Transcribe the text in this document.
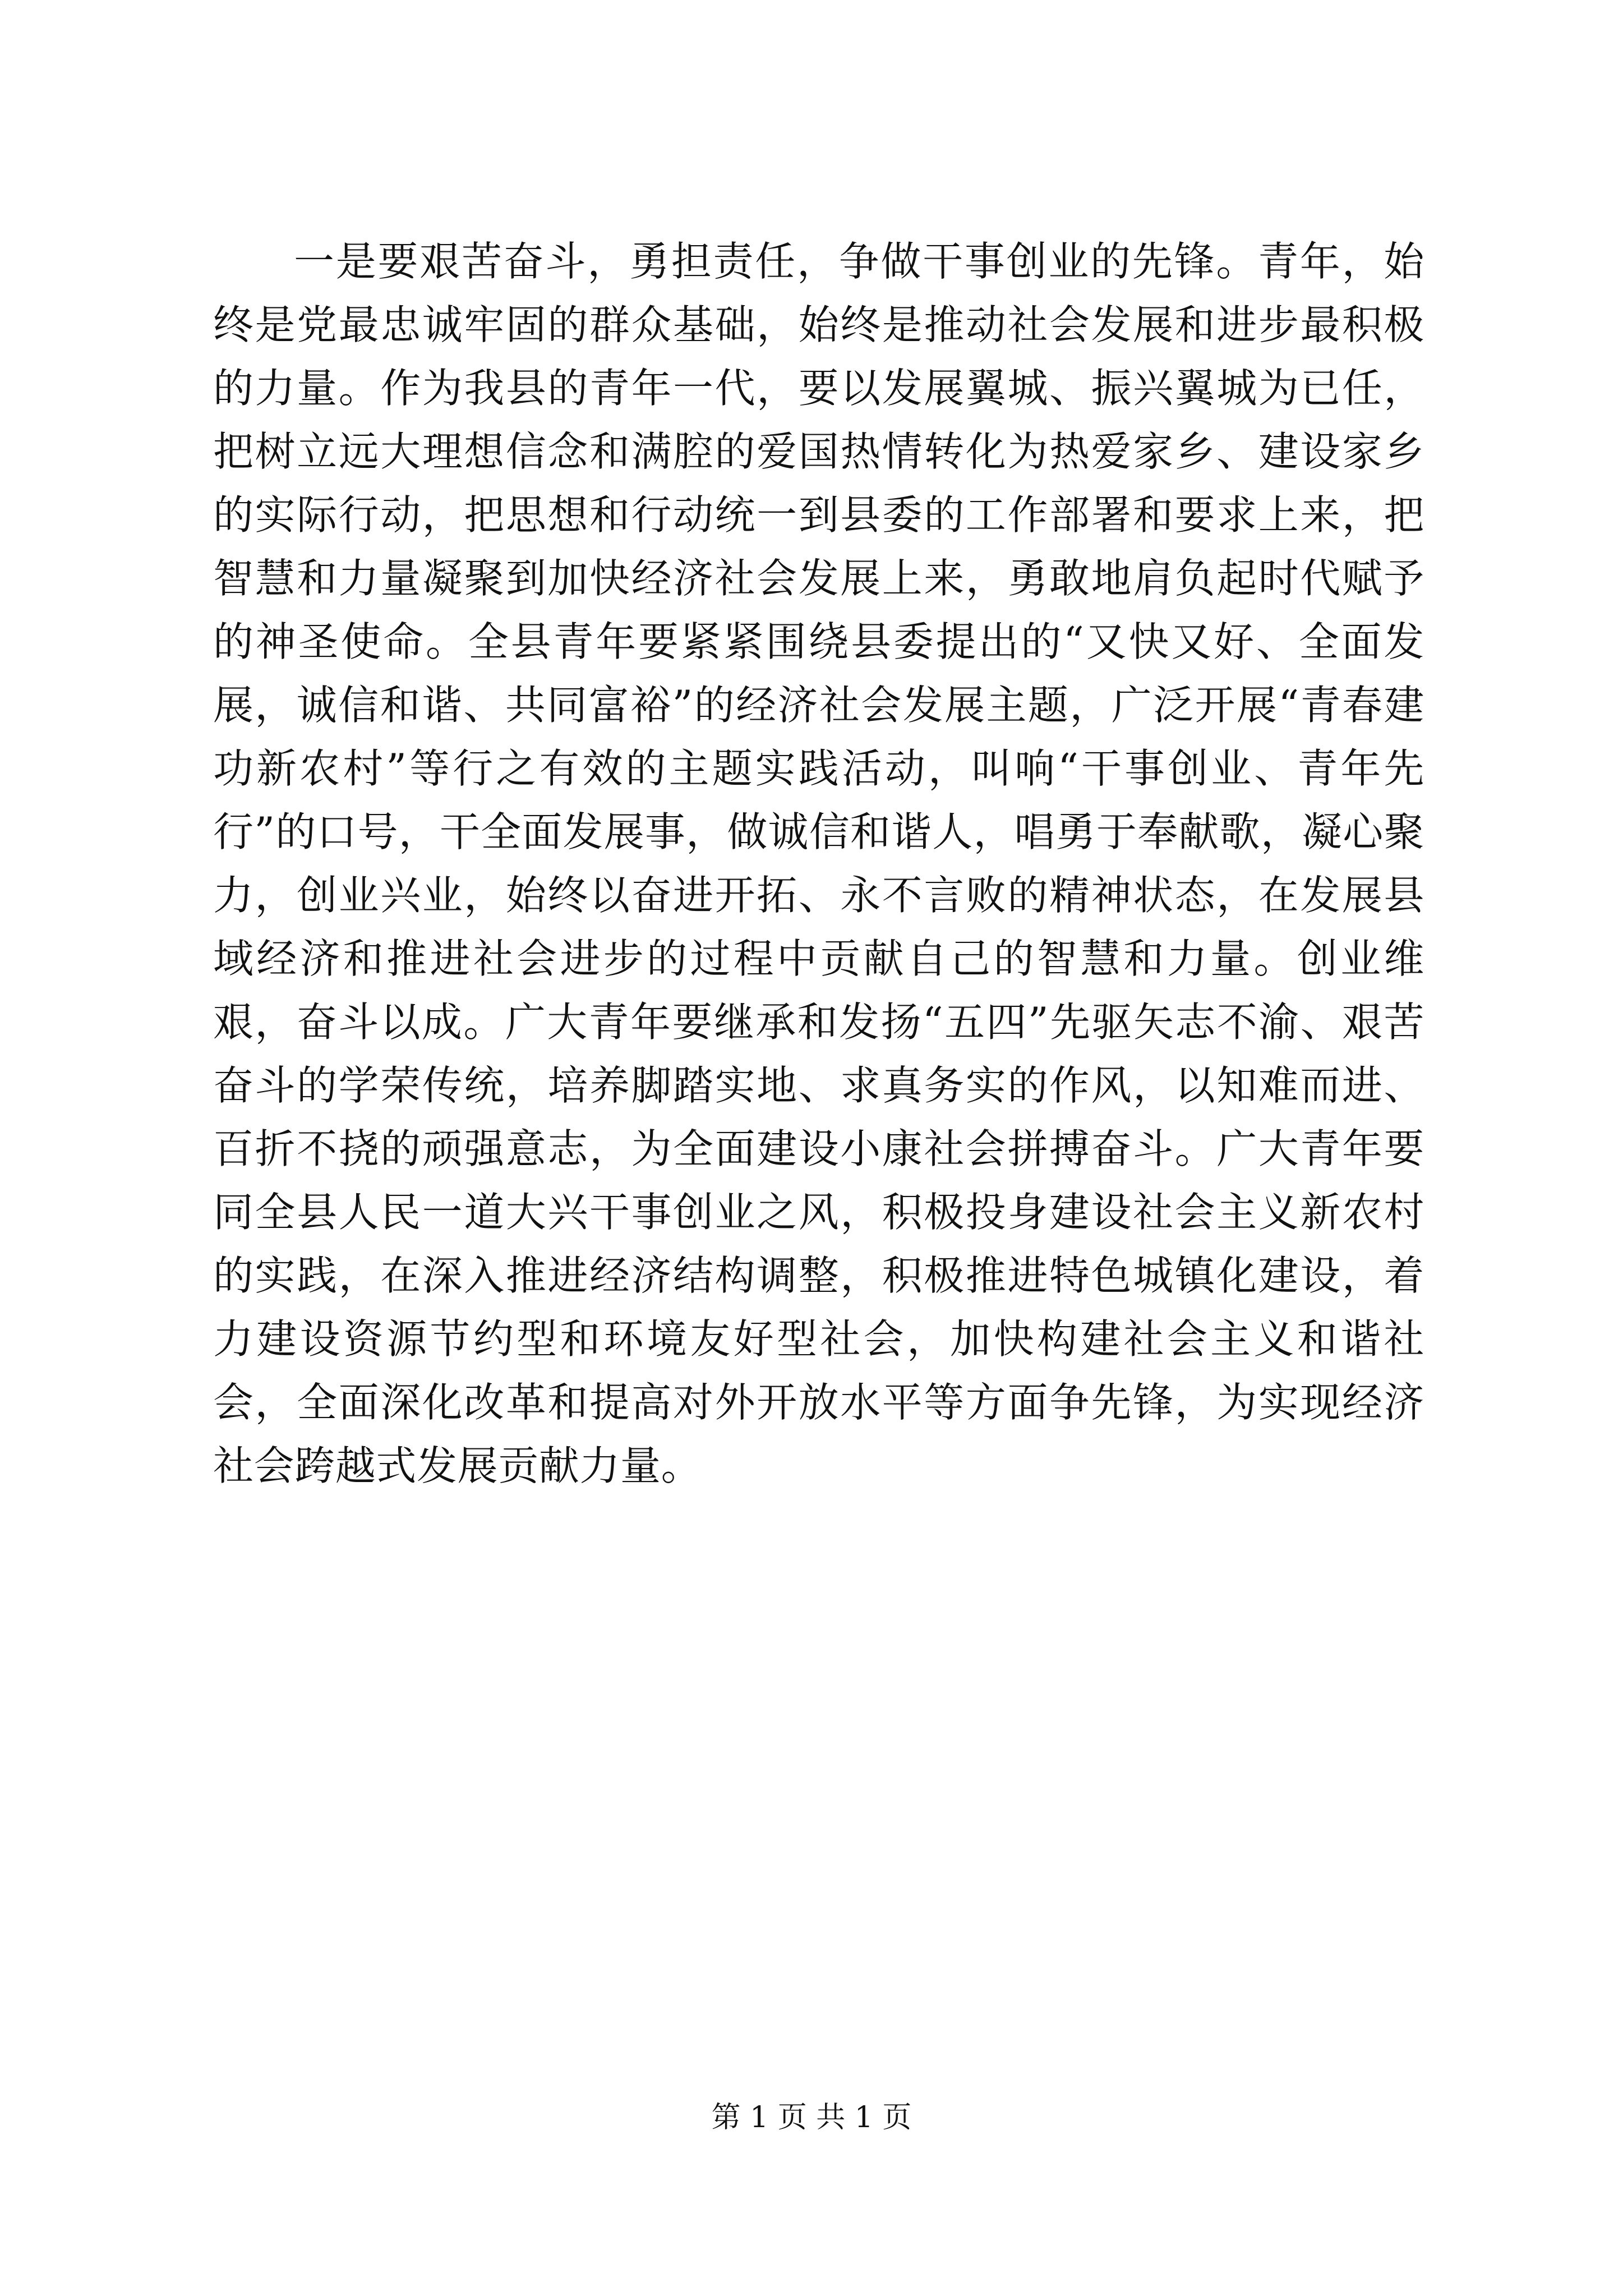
一是要艰苦奋斗，勇担责任，争做干事创业的先锋。青年，始终是党最忠诚牢固的群众基础，始终是推动社会发展和进步最积极的力量。作为我县的青年一代，要以发展翼城、振兴翼城为已任，把树立远大理想信念和满腔的爱国热情转化为热爱家乡、建设家乡的实际行动，把思想和行动统一到县委的工作部署和要求上来，把智慧和力量凝聚到加快经济社会发展上来，勇敢地肩负起时代赋予的神圣使命。全县青年要紧紧围绕县委提出的“又快又好、全面发展，诚信和谐、共同富裕”的经济社会发展主题，广泛开展“青春建功新农村”等行之有效的主题实践活动，叫响“干事创业、青年先行”的口号，干全面发展事，做诚信和谐人，唱勇于奉献歌，凝心聚力，创业兴业，始终以奋进开拓、永不言败的精神状态，在发展县域经济和推进社会进步的过程中贡献自己的智慧和力量。创业维艰，奋斗以成。广大青年要继承和发扬“五四”先驱矢志不渝、艰苦奋斗的学荣传统，培养脚踏实地、求真务实的作风，以知难而进、百折不挠的顽强意志，为全面建设小康社会拼搏奋斗。广大青年要同全县人民一道大兴干事创业之风，积极投身建设社会主义新农村的实践，在深入推进经济结构调整，积极推进特色城镇化建设，着力建设资源节约型和环境友好型社会，加快构建社会主义和谐社会，全面深化改革和提高对外开放水平等方面争先锋，为实现经济社会跨越式发展贡献力量。

第 1 页 共 1 页
